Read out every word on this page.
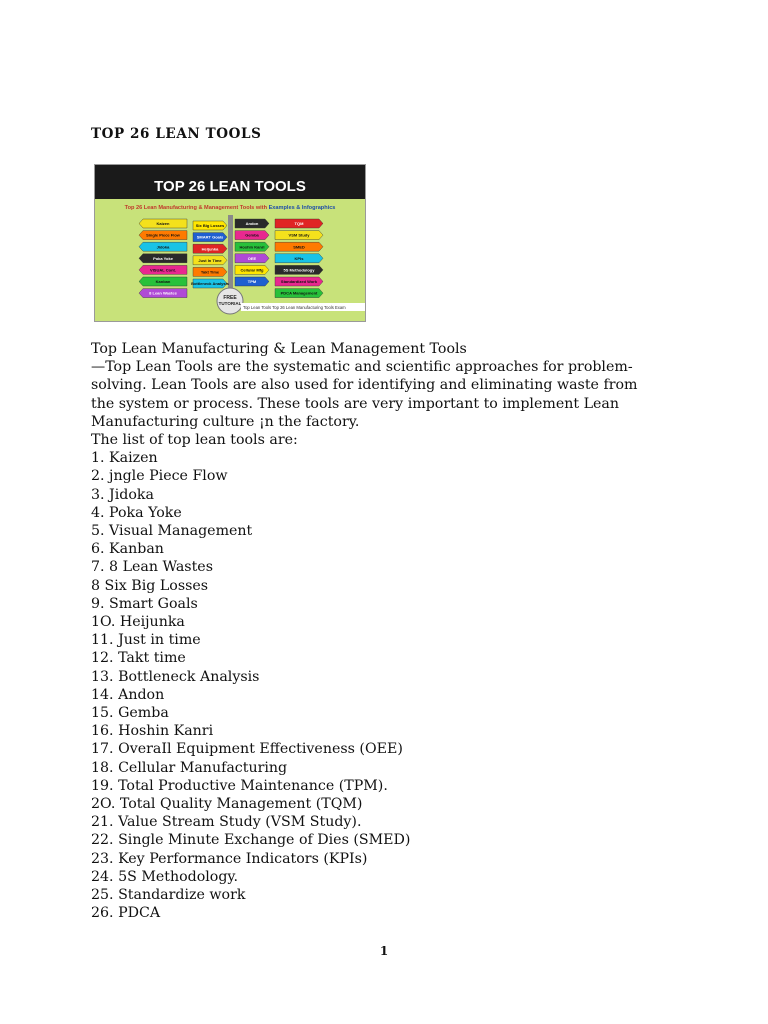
TOP 26 LEAN TOOLS
TOP 26 LEAN TOOLS
Top 26 Lean Manufacturing & Management Tools with Examples & Infographics
Kaizen
Single Piece Flow
Jidoka
Poka Yoke
VISUAL Cont.
Kanban
8 Lean Wastes
Six Big Losses
SMART Goals
Heijunka
Just In Time
Takt Time
Bottleneck Analysis
Andon
Gemba
Hoshin Kanri
OEE
Cellular Mfg
TPM
TQM
VSM Study
SMED
KPIs
5S Methodology
Standardized Work
PDCA Management
FREE
TUTORIAL
Top Lean Tools Top 26 Lean Manufacturing Tools Exam

Top Lean Manufacturing & Lean Management Tools

—Top Lean Tools are the systematic and scientific approaches for problem-

solving. Lean Tools are also used for identifying and eliminating waste from

the system or process. These tools are very important to implement Lean

Manufacturing culture ¡n the factory.

The list of top lean tools are:

1. Kaizen
2. jngle Piece Flow
3. Jidoka
4. Poka Yoke
5. Visual Management
6. Kanban
7. 8 Lean Wastes
8 Six Big Losses
9. Smart Goals
1O. Heijunka
11. Just in time
12. Takt time
13. Bottleneck Analysis
14. Andon
15. Gemba
16. Hoshin Kanri
17. OverаIl Equipment Effectiveness (OEE)
18. Cellular Manufacturing
19. Total Productive Maintenance (TPM).
2O. Total Quality Management (TQM)
21. Value Stream Study (VSM Study).
22. Single Minute Exchange of Dies (SMED)
23. Key Performance Indicators (KPIs)
24. 5S Methodology.
25. Standardize work
26. PDCA
1
